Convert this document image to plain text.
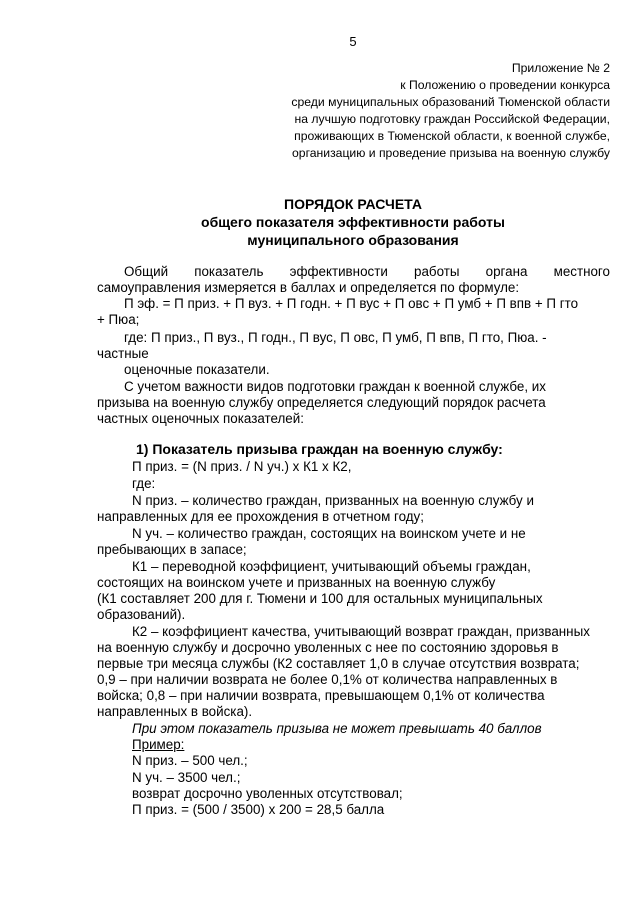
5
Приложение № 2
к Положению о проведении конкурса
среди муниципальных образований Тюменской области
на лучшую подготовку граждан Российской Федерации,
проживающих в Тюменской области, к военной службе,
организацию и проведение призыва на военную службу
ПОРЯДОК РАСЧЕТА
общего показателя эффективности работы
муниципального образования
Общий показатель эффективности работы органа местного
самоуправления измеряется в баллах и определяется по формуле:
П эф. = П приз. + П вуз. + П годн. + П вус + П овс + П умб + П впв + П гто
+ Пюа;
где: П приз., П вуз., П годн., П вус, П овс, П умб, П впв, П гто, Пюа. -
частные
оценочные показатели.
С учетом важности видов подготовки граждан к военной службе, их
призыва на военную службу определяется следующий порядок расчета
частных оценочных показателей:
1) Показатель призыва граждан на военную службу:
П приз. = (N приз. / N уч.) х К1 х К2,
где:
N приз. – количество граждан, призванных на военную службу и
направленных для ее прохождения в отчетном году;
N уч. – количество граждан, состоящих на воинском учете и не
пребывающих в запасе;
К1 – переводной коэффициент, учитывающий объемы граждан,
состоящих на воинском учете и призванных на военную службу
(К1 составляет 200 для г. Тюмени и 100 для остальных муниципальных
образований).
К2 – коэффициент качества, учитывающий возврат граждан, призванных
на военную службу и досрочно уволенных с нее по состоянию здоровья в
первые три месяца службы (К2 составляет 1,0 в случае отсутствия возврата;
0,9 – при наличии возврата не более 0,1% от количества направленных в
войска; 0,8 – при наличии возврата, превышающем 0,1% от количества
направленных в войска).
При этом показатель призыва не может превышать 40 баллов
Пример:
N приз. – 500 чел.;
N уч. – 3500 чел.;
возврат досрочно уволенных отсутствовал;
П приз. = (500 / 3500) х 200 = 28,5 балла
